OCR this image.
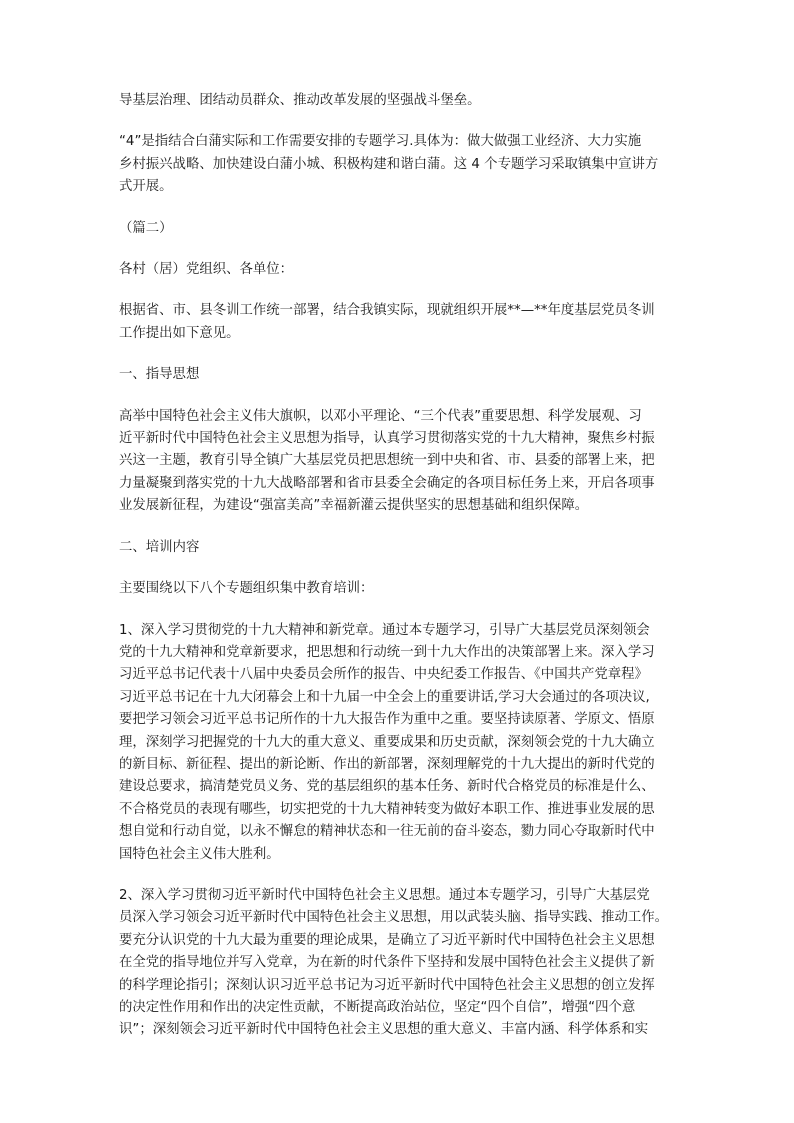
导基层治理、团结动员群众、推动改革发展的坚强战斗堡垒。

“4”是指结合白蒲实际和工作需要安排的专题学习.具体为：做大做强工业经济、大力实施
乡村振兴战略、加快建设白蒲小城、积极构建和谐白蒲。这 4 个专题学习采取镇集中宣讲方
式开展。

（篇二）

各村（居）党组织、各单位：

根据省、市、县冬训工作统一部署，结合我镇实际，现就组织开展**—**年度基层党员冬训
工作提出如下意见。

一、指导思想

高举中国特色社会主义伟大旗帜，以邓小平理论、“三个代表”重要思想、科学发展观、习
近平新时代中国特色社会主义思想为指导，认真学习贯彻落实党的十九大精神，聚焦乡村振
兴这一主题，教育引导全镇广大基层党员把思想统一到中央和省、市、县委的部署上来，把
力量凝聚到落实党的十九大战略部署和省市县委全会确定的各项目标任务上来，开启各项事
业发展新征程，为建设“强富美高”幸福新灌云提供坚实的思想基础和组织保障。

二、培训内容

主要围绕以下八个专题组织集中教育培训：

1、深入学习贯彻党的十九大精神和新党章。通过本专题学习，引导广大基层党员深刻领会
党的十九大精神和党章新要求，把思想和行动统一到十九大作出的决策部署上来。深入学习
习近平总书记代表十八届中央委员会所作的报告、中央纪委工作报告、《中国共产党章程》
习近平总书记在十九大闭幕会上和十九届一中全会上的重要讲话,学习大会通过的各项决议,
要把学习领会习近平总书记所作的十九大报告作为重中之重。要坚持读原著、学原文、悟原
理，深刻学习把握党的十九大的重大意义、重要成果和历史贡献，深刻领会党的十九大确立
的新目标、新征程、提出的新论断、作出的新部署，深刻理解党的十九大提出的新时代党的
建设总要求，搞清楚党员义务、党的基层组织的基本任务、新时代合格党员的标准是什么、
不合格党员的表现有哪些，切实把党的十九大精神转变为做好本职工作、推进事业发展的思
想自觉和行动自觉，以永不懈怠的精神状态和一往无前的奋斗姿态，勠力同心夺取新时代中
国特色社会主义伟大胜利。

2、深入学习贯彻习近平新时代中国特色社会主义思想。通过本专题学习，引导广大基层党
员深入学习领会习近平新时代中国特色社会主义思想，用以武装头脑、指导实践、推动工作。
要充分认识党的十九大最为重要的理论成果，是确立了习近平新时代中国特色社会主义思想
在全党的指导地位并写入党章，为在新的时代条件下坚持和发展中国特色社会主义提供了新
的科学理论指引；深刻认识习近平总书记为习近平新时代中国特色社会主义思想的创立发挥
的决定性作用和作出的决定性贡献，不断提高政治站位，坚定“四个自信”，增强“四个意
识”；深刻领会习近平新时代中国特色社会主义思想的重大意义、丰富内涵、科学体系和实
